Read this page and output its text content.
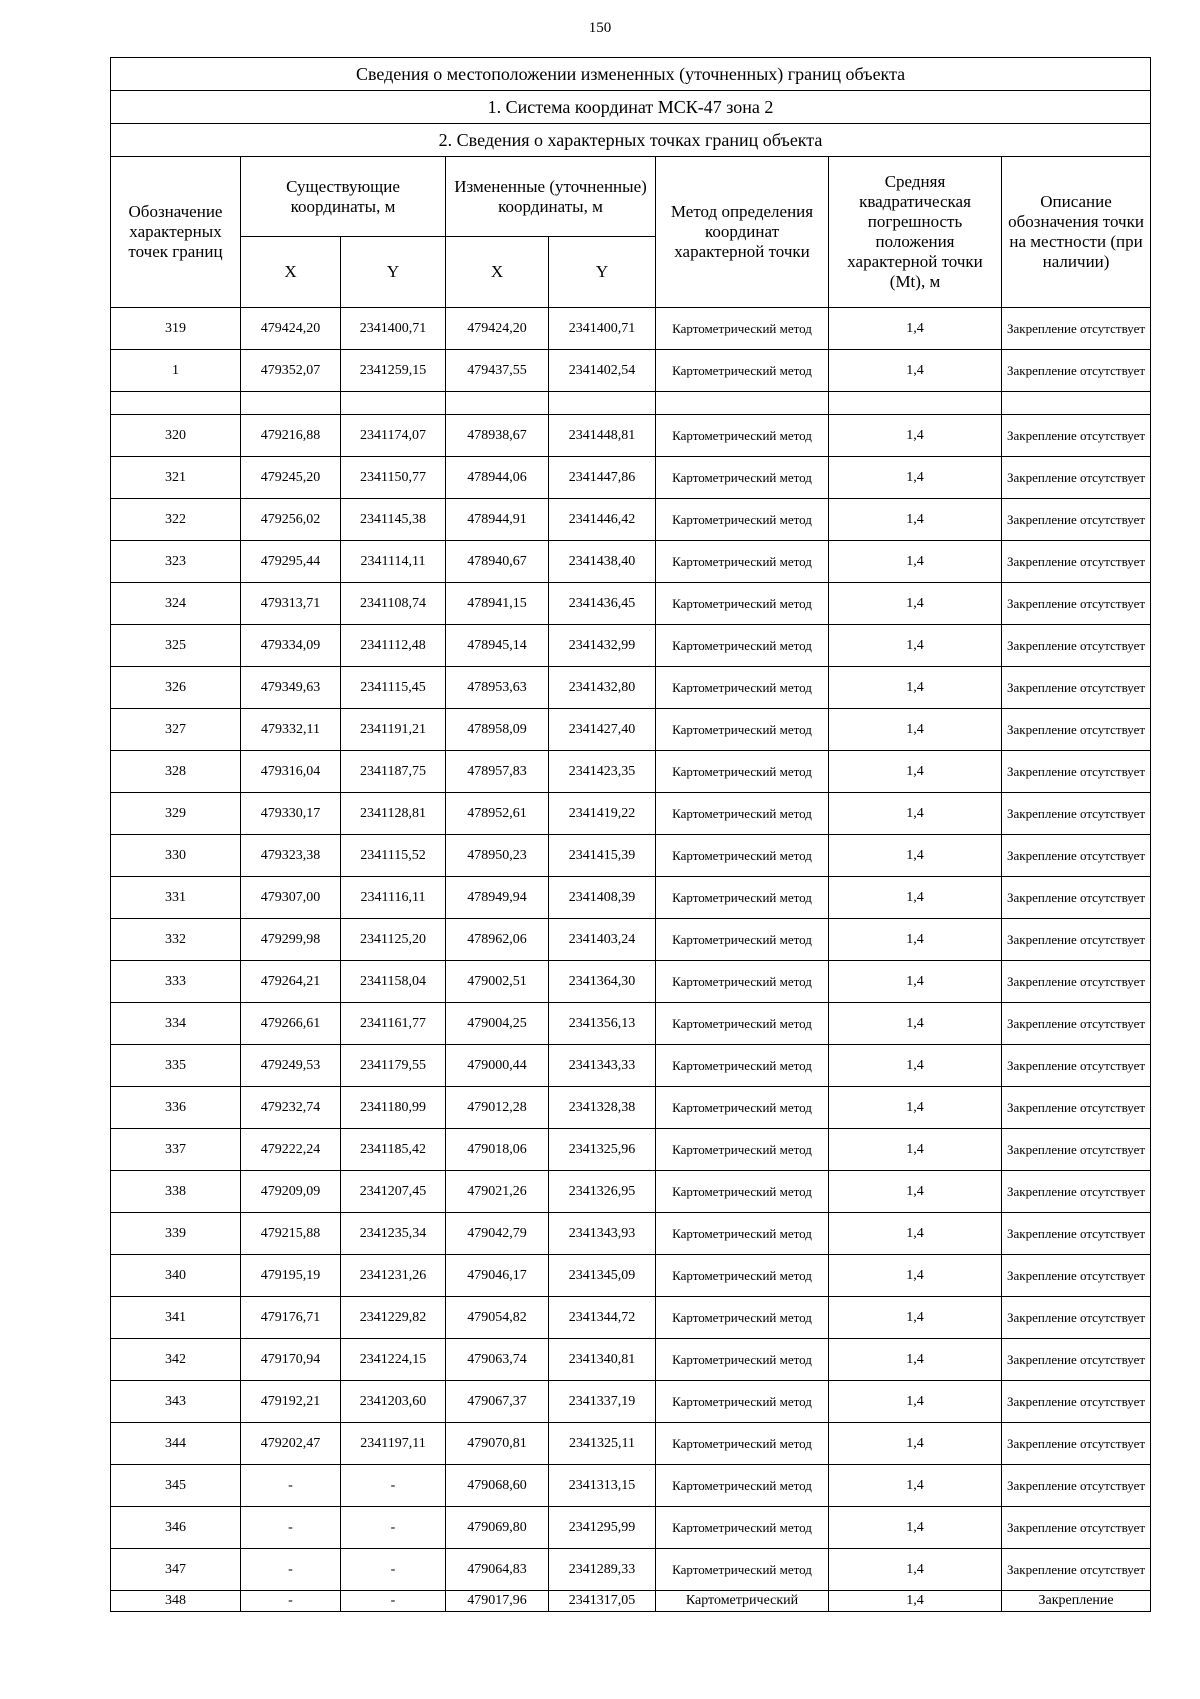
150
Сведения о местоположении измененных (уточненных) границ объекта							
1. Система координат МСК-47 зона 2							
2. Сведения о характерных точках границ объекта							
Обозначение характерных точек границ	Существующие координаты, м		Измененные (уточненные) координаты, м		Метод определения координат характерной точки	Средняя квадратическая погрешность положения характерной точки (Mt), м	Описание обозначения точки на местности (при наличии)
	X	Y	X	Y			
319	479424,20	2341400,71	479424,20	2341400,71	Картометрический метод	1,4	Закрепление отсутствует
1	479352,07	2341259,15	479437,55	2341402,54	Картометрический метод	1,4	Закрепление отсутствует

320	479216,88	2341174,07	478938,67	2341448,81	Картометрический метод	1,4	Закрепление отсутствует
321	479245,20	2341150,77	478944,06	2341447,86	Картометрический метод	1,4	Закрепление отсутствует
322	479256,02	2341145,38	478944,91	2341446,42	Картометрический метод	1,4	Закрепление отсутствует
323	479295,44	2341114,11	478940,67	2341438,40	Картометрический метод	1,4	Закрепление отсутствует
324	479313,71	2341108,74	478941,15	2341436,45	Картометрический метод	1,4	Закрепление отсутствует
325	479334,09	2341112,48	478945,14	2341432,99	Картометрический метод	1,4	Закрепление отсутствует
326	479349,63	2341115,45	478953,63	2341432,80	Картометрический метод	1,4	Закрепление отсутствует
327	479332,11	2341191,21	478958,09	2341427,40	Картометрический метод	1,4	Закрепление отсутствует
328	479316,04	2341187,75	478957,83	2341423,35	Картометрический метод	1,4	Закрепление отсутствует
329	479330,17	2341128,81	478952,61	2341419,22	Картометрический метод	1,4	Закрепление отсутствует
330	479323,38	2341115,52	478950,23	2341415,39	Картометрический метод	1,4	Закрепление отсутствует
331	479307,00	2341116,11	478949,94	2341408,39	Картометрический метод	1,4	Закрепление отсутствует
332	479299,98	2341125,20	478962,06	2341403,24	Картометрический метод	1,4	Закрепление отсутствует
333	479264,21	2341158,04	479002,51	2341364,30	Картометрический метод	1,4	Закрепление отсутствует
334	479266,61	2341161,77	479004,25	2341356,13	Картометрический метод	1,4	Закрепление отсутствует
335	479249,53	2341179,55	479000,44	2341343,33	Картометрический метод	1,4	Закрепление отсутствует
336	479232,74	2341180,99	479012,28	2341328,38	Картометрический метод	1,4	Закрепление отсутствует
337	479222,24	2341185,42	479018,06	2341325,96	Картометрический метод	1,4	Закрепление отсутствует
338	479209,09	2341207,45	479021,26	2341326,95	Картометрический метод	1,4	Закрепление отсутствует
339	479215,88	2341235,34	479042,79	2341343,93	Картометрический метод	1,4	Закрепление отсутствует
340	479195,19	2341231,26	479046,17	2341345,09	Картометрический метод	1,4	Закрепление отсутствует
341	479176,71	2341229,82	479054,82	2341344,72	Картометрический метод	1,4	Закрепление отсутствует
342	479170,94	2341224,15	479063,74	2341340,81	Картометрический метод	1,4	Закрепление отсутствует
343	479192,21	2341203,60	479067,37	2341337,19	Картометрический метод	1,4	Закрепление отсутствует
344	479202,47	2341197,11	479070,81	2341325,11	Картометрический метод	1,4	Закрепление отсутствует
345	-	-	479068,60	2341313,15	Картометрический метод	1,4	Закрепление отсутствует
346	-	-	479069,80	2341295,99	Картометрический метод	1,4	Закрепление отсутствует
347	-	-	479064,83	2341289,33	Картометрический метод	1,4	Закрепление отсутствует
348	-	-	479017,96	2341317,05	Картометрический	1,4	Закрепление
